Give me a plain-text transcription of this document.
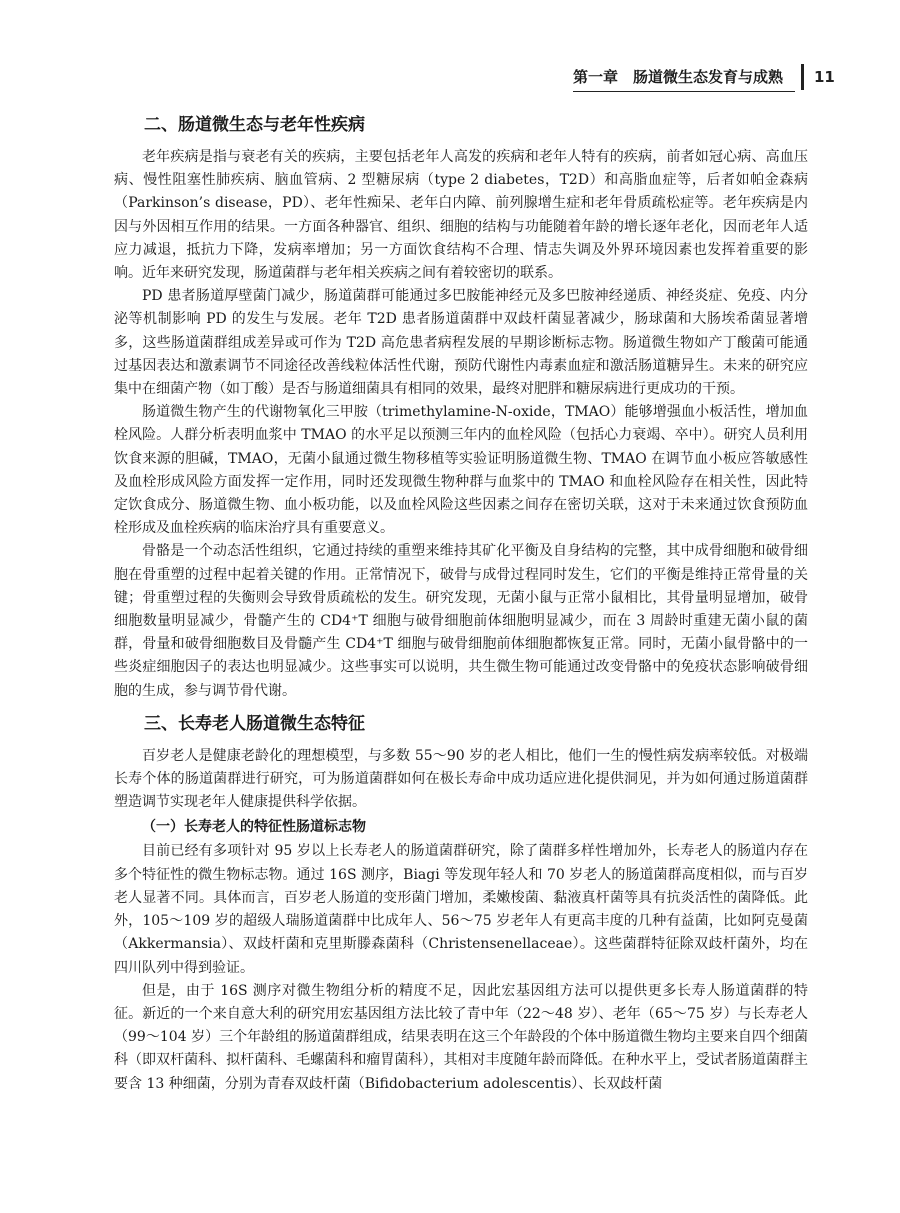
第一章　肠道微生态发育与成熟	11
二、肠道微生态与老年性疾病

老年疾病是指与衰老有关的疾病，主要包括老年人高发的疾病和老年人特有的疾病，前者如冠心病、高血压病、慢性阻塞性肺疾病、脑血管病、2 型糖尿病（type 2 diabetes，T2D）和高脂血症等，后者如帕金森病（Parkinson’s disease，PD）、老年性痴呆、老年白内障、前列腺增生症和老年骨质疏松症等。老年疾病是内因与外因相互作用的结果。一方面各种器官、组织、细胞的结构与功能随着年龄的增长逐年老化，因而老年人适应力减退，抵抗力下降，发病率增加；另一方面饮食结构不合理、情志失调及外界环境因素也发挥着重要的影响。近年来研究发现，肠道菌群与老年相关疾病之间有着较密切的联系。

PD 患者肠道厚壁菌门减少，肠道菌群可能通过多巴胺能神经元及多巴胺神经递质、神经炎症、免疫、内分泌等机制影响 PD 的发生与发展。老年 T2D 患者肠道菌群中双歧杆菌显著减少，肠球菌和大肠埃希菌显著增多，这些肠道菌群组成差异或可作为 T2D 高危患者病程发展的早期诊断标志物。肠道微生物如产丁酸菌可能通过基因表达和激素调节不同途径改善线粒体活性代谢，预防代谢性内毒素血症和激活肠道糖异生。未来的研究应集中在细菌产物（如丁酸）是否与肠道细菌具有相同的效果，最终对肥胖和糖尿病进行更成功的干预。

肠道微生物产生的代谢物氧化三甲胺（trimethylamine-N-oxide，TMAO）能够增强血小板活性，增加血栓风险。人群分析表明血浆中 TMAO 的水平足以预测三年内的血栓风险（包括心力衰竭、卒中）。研究人员利用饮食来源的胆碱，TMAO，无菌小鼠通过微生物移植等实验证明肠道微生物、TMAO 在调节血小板应答敏感性及血栓形成风险方面发挥一定作用，同时还发现微生物种群与血浆中的 TMAO 和血栓风险存在相关性，因此特定饮食成分、肠道微生物、血小板功能，以及血栓风险这些因素之间存在密切关联，这对于未来通过饮食预防血栓形成及血栓疾病的临床治疗具有重要意义。

骨骼是一个动态活性组织，它通过持续的重塑来维持其矿化平衡及自身结构的完整，其中成骨细胞和破骨细胞在骨重塑的过程中起着关键的作用。正常情况下，破骨与成骨过程同时发生，它们的平衡是维持正常骨量的关键；骨重塑过程的失衡则会导致骨质疏松的发生。研究发现，无菌小鼠与正常小鼠相比，其骨量明显增加，破骨细胞数量明显减少，骨髓产生的 CD4⁺T 细胞与破骨细胞前体细胞明显减少，而在 3 周龄时重建无菌小鼠的菌群，骨量和破骨细胞数目及骨髓产生 CD4⁺T 细胞与破骨细胞前体细胞都恢复正常。同时，无菌小鼠骨骼中的一些炎症细胞因子的表达也明显减少。这些事实可以说明，共生微生物可能通过改变骨骼中的免疫状态影响破骨细胞的生成，参与调节骨代谢。

三、长寿老人肠道微生态特征

百岁老人是健康老龄化的理想模型，与多数 55～90 岁的老人相比，他们一生的慢性病发病率较低。对极端长寿个体的肠道菌群进行研究，可为肠道菌群如何在极长寿命中成功适应进化提供洞见，并为如何通过肠道菌群塑造调节实现老年人健康提供科学依据。

（一）长寿老人的特征性肠道标志物

目前已经有多项针对 95 岁以上长寿老人的肠道菌群研究，除了菌群多样性增加外，长寿老人的肠道内存在多个特征性的微生物标志物。通过 16S 测序，Biagi 等发现年轻人和 70 岁老人的肠道菌群高度相似，而与百岁老人显著不同。具体而言，百岁老人肠道的变形菌门增加，柔嫩梭菌、黏液真杆菌等具有抗炎活性的菌降低。此外，105～109 岁的超级人瑞肠道菌群中比成年人、56～75 岁老年人有更高丰度的几种有益菌，比如阿克曼菌（Akkermansia）、双歧杆菌和克里斯滕森菌科（Christensenellaceae）。这些菌群特征除双歧杆菌外，均在四川队列中得到验证。

但是，由于 16S 测序对微生物组分析的精度不足，因此宏基因组方法可以提供更多长寿人肠道菌群的特征。新近的一个来自意大利的研究用宏基因组方法比较了青中年（22～48 岁）、老年（65～75 岁）与长寿老人（99～104 岁）三个年龄组的肠道菌群组成，结果表明在这三个年龄段的个体中肠道微生物均主要来自四个细菌科（即双杆菌科、拟杆菌科、毛螺菌科和瘤胃菌科），其相对丰度随年龄而降低。在种水平上，受试者肠道菌群主要含 13 种细菌，分别为青春双歧杆菌（Bifidobacterium adolescentis）、长双歧杆菌
